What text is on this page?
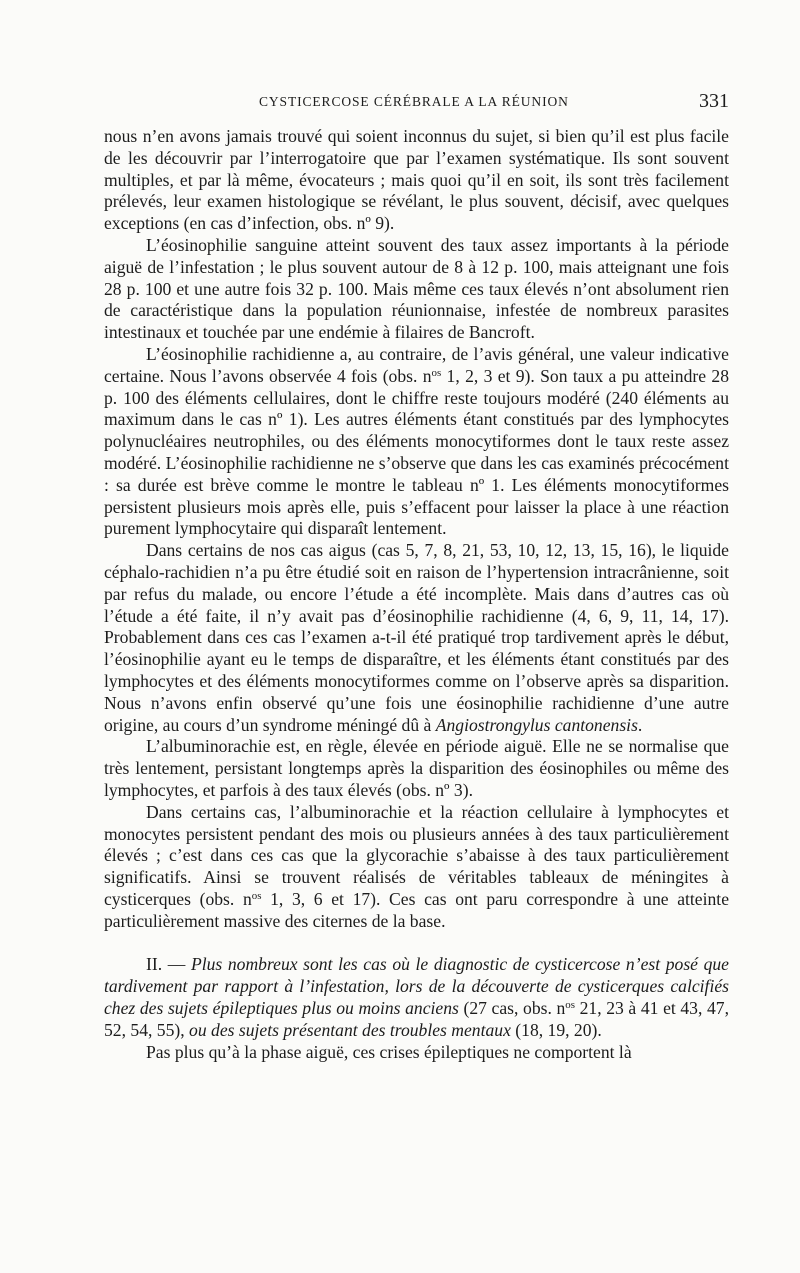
CYSTICERCOSE CÉRÉBRALE A LA RÉUNION	331

nous n’en avons jamais trouvé qui soient inconnus du sujet, si bien qu’il est plus facile de les découvrir par l’interrogatoire que par l’examen systématique. Ils sont souvent multiples, et par là même, évocateurs ; mais quoi qu’il en soit, ils sont très facilement prélevés, leur examen histologique se révélant, le plus souvent, décisif, avec quelques exceptions (en cas d’infection, obs. nº 9).

L’éosinophilie sanguine atteint souvent des taux assez importants à la période aiguë de l’infestation ; le plus souvent autour de 8 à 12 p. 100, mais atteignant une fois 28 p. 100 et une autre fois 32 p. 100. Mais même ces taux élevés n’ont absolument rien de caractéristique dans la population réunionnaise, infestée de nombreux parasites intestinaux et touchée par une endémie à filaires de Bancroft.

L’éosinophilie rachidienne a, au contraire, de l’avis général, une valeur indicative certaine. Nous l’avons observée 4 fois (obs. $n^{os}$ 1, 2, 3 et 9). Son taux a pu atteindre 28 p. 100 des éléments cellulaires, dont le chiffre reste toujours modéré (240 éléments au maximum dans le cas nº 1). Les autres éléments étant constitués par des lymphocytes polynucléaires neutrophiles, ou des éléments monocytiformes dont le taux reste assez modéré. L’éosinophilie rachidienne ne s’observe que dans les cas examinés précocément : sa durée est brève comme le montre le tableau nº 1. Les éléments monocytiformes persistent plusieurs mois après elle, puis s’effacent pour laisser la place à une réaction purement lymphocytaire qui disparaît lentement.

Dans certains de nos cas aigus (cas 5, 7, 8, 21, 53, 10, 12, 13, 15, 16), le liquide céphalo-rachidien n’a pu être étudié soit en raison de l’hypertension intracrânienne, soit par refus du malade, ou encore l’étude a été incomplète. Mais dans d’autres cas où l’étude a été faite, il n’y avait pas d’éosinophilie rachidienne (4, 6, 9, 11, 14, 17). Probablement dans ces cas l’examen a-t-il été pratiqué trop tardivement après le début, l’éosinophilie ayant eu le temps de disparaître, et les éléments étant constitués par des lymphocytes et des éléments monocytiformes comme on l’observe après sa disparition. Nous n’avons enfin observé qu’une fois une éosinophilie rachidienne d’une autre origine, au cours d’un syndrome méningé dû à Angiostrongylus cantonensis.

L’albuminorachie est, en règle, élevée en période aiguë. Elle ne se normalise que très lentement, persistant longtemps après la disparition des éosinophiles ou même des lymphocytes, et parfois à des taux élevés (obs. nº 3).

Dans certains cas, l’albuminorachie et la réaction cellulaire à lymphocytes et monocytes persistent pendant des mois ou plusieurs années à des taux particulièrement élevés ; c’est dans ces cas que la glycorachie s’abaisse à des taux particulièrement significatifs. Ainsi se trouvent réalisés de véritables tableaux de méningites à cysticerques (obs. $n^{os}$ 1, 3, 6 et 17). Ces cas ont paru correspondre à une atteinte particulièrement massive des citernes de la base.

II. — Plus nombreux sont les cas où le diagnostic de cysticercose n’est posé que tardivement par rapport à l’infestation, lors de la découverte de cysticerques calcifiés chez des sujets épileptiques plus ou moins anciens (27 cas, obs. $n^{os}$ 21, 23 à 41 et 43, 47, 52, 54, 55), ou des sujets présentant des troubles mentaux (18, 19, 20).

Pas plus qu’à la phase aiguë, ces crises épileptiques ne comportent là
